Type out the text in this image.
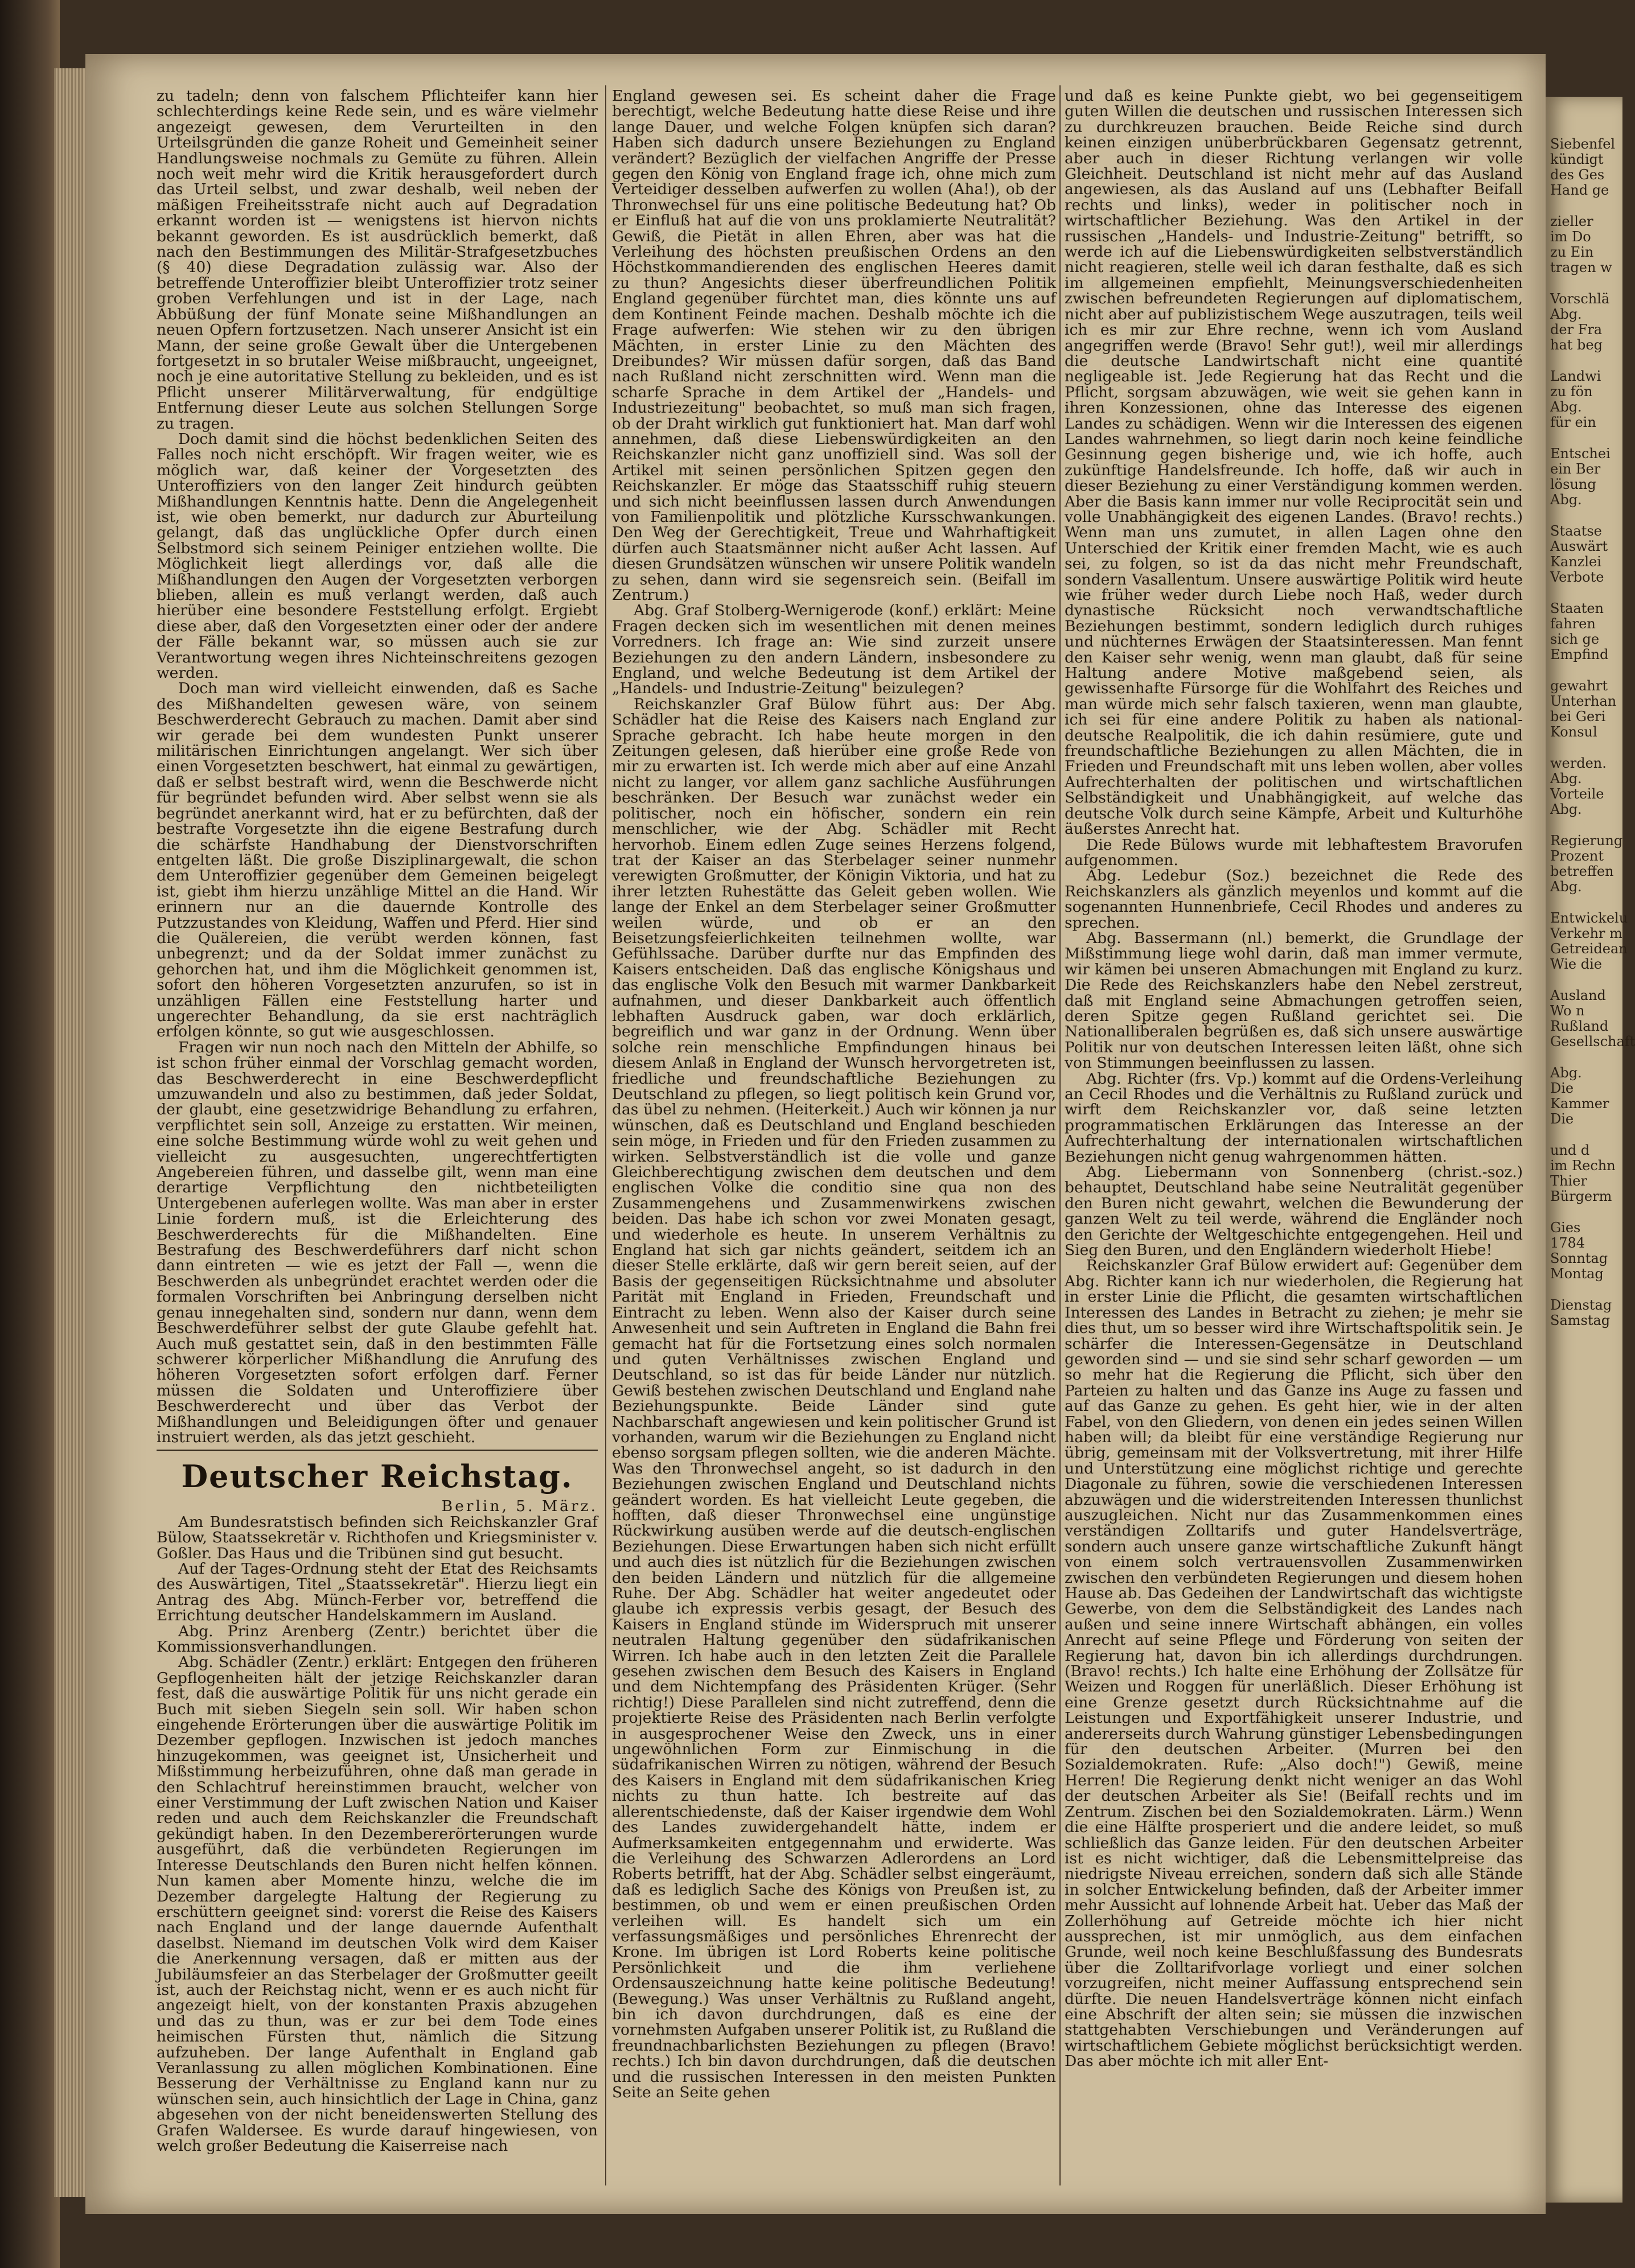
zu tadeln; denn von falschem Pflichteifer kann hier schlechterdings keine Rede sein, und es wäre vielmehr angezeigt gewesen, dem Verurteilten in den Urteilsgründen die ganze Roheit und Gemeinheit seiner Handlungsweise nochmals zu Gemüte zu führen. Allein noch weit mehr wird die Kritik herausgefordert durch das Urteil selbst, und zwar deshalb, weil neben der mäßigen Freiheitsstrafe nicht auch auf Degradation erkannt worden ist — wenigstens ist hiervon nichts bekannt geworden. Es ist ausdrücklich bemerkt, daß nach den Bestimmungen des Militär-Strafgesetzbuches (§ 40) diese Degradation zulässig war. Also der betreffende Unteroffizier bleibt Unteroffizier trotz seiner groben Verfehlungen und ist in der Lage, nach Abbüßung der fünf Monate seine Mißhandlungen an neuen Opfern fortzusetzen. Nach unserer Ansicht ist ein Mann, der seine große Gewalt über die Untergebenen fortgesetzt in so brutaler Weise mißbraucht, ungeeignet, noch je eine autoritative Stellung zu bekleiden, und es ist Pflicht unserer Militärverwaltung, für endgültige Entfernung dieser Leute aus solchen Stellungen Sorge zu tragen.

Doch damit sind die höchst bedenklichen Seiten des Falles noch nicht erschöpft. Wir fragen weiter, wie es möglich war, daß keiner der Vorgesetzten des Unteroffiziers von den langer Zeit hindurch geübten Mißhandlungen Kenntnis hatte. Denn die Angelegenheit ist, wie oben bemerkt, nur dadurch zur Aburteilung gelangt, daß das unglückliche Opfer durch einen Selbstmord sich seinem Peiniger entziehen wollte. Die Möglichkeit liegt allerdings vor, daß alle die Mißhandlungen den Augen der Vorgesetzten verborgen blieben, allein es muß verlangt werden, daß auch hierüber eine besondere Feststellung erfolgt. Ergiebt diese aber, daß den Vorgesetzten einer oder der andere der Fälle bekannt war, so müssen auch sie zur Verantwortung wegen ihres Nichteinschreitens gezogen werden.

Doch man wird vielleicht einwenden, daß es Sache des Mißhandelten gewesen wäre, von seinem Beschwerderecht Gebrauch zu machen. Damit aber sind wir gerade bei dem wundesten Punkt unserer militärischen Einrichtungen angelangt. Wer sich über einen Vorgesetzten beschwert, hat einmal zu gewärtigen, daß er selbst bestraft wird, wenn die Beschwerde nicht für begründet befunden wird. Aber selbst wenn sie als begründet anerkannt wird, hat er zu befürchten, daß der bestrafte Vorgesetzte ihn die eigene Bestrafung durch die schärfste Handhabung der Dienstvorschriften entgelten läßt. Die große Disziplinargewalt, die schon dem Unteroffizier gegenüber dem Gemeinen beigelegt ist, giebt ihm hierzu unzählige Mittel an die Hand. Wir erinnern nur an die dauernde Kontrolle des Putzzustandes von Kleidung, Waffen und Pferd. Hier sind die Quälereien, die verübt werden können, fast unbegrenzt; und da der Soldat immer zunächst zu gehorchen hat, und ihm die Möglichkeit genommen ist, sofort den höheren Vorgesetzten anzurufen, so ist in unzähligen Fällen eine Feststellung harter und ungerechter Behandlung, da sie erst nachträglich erfolgen könnte, so gut wie ausgeschlossen.

Fragen wir nun noch nach den Mitteln der Abhilfe, so ist schon früher einmal der Vorschlag gemacht worden, das Beschwerderecht in eine Beschwerdepflicht umzuwandeln und also zu bestimmen, daß jeder Soldat, der glaubt, eine gesetzwidrige Behandlung zu erfahren, verpflichtet sein soll, Anzeige zu erstatten. Wir meinen, eine solche Bestimmung würde wohl zu weit gehen und vielleicht zu ausgesuchten, ungerechtfertigten Angebereien führen, und dasselbe gilt, wenn man eine derartige Verpflichtung den nichtbeteiligten Untergebenen auferlegen wollte. Was man aber in erster Linie fordern muß, ist die Erleichterung des Beschwerderechts für die Mißhandelten. Eine Bestrafung des Beschwerdeführers darf nicht schon dann eintreten — wie es jetzt der Fall —, wenn die Beschwerden als unbegründet erachtet werden oder die formalen Vorschriften bei Anbringung derselben nicht genau innegehalten sind, sondern nur dann, wenn dem Beschwerdeführer selbst der gute Glaube gefehlt hat. Auch muß gestattet sein, daß in den bestimmten Fälle schwerer körperlicher Mißhandlung die Anrufung des höheren Vorgesetzten sofort erfolgen darf. Ferner müssen die Soldaten und Unteroffiziere über Beschwerderecht und über das Verbot der Mißhandlungen und Beleidigungen öfter und genauer instruiert werden, als das jetzt geschieht.

Deutscher Reichstag.

Berlin, 5. März.

Am Bundesratstisch befinden sich Reichskanzler Graf Bülow, Staatssekretär v. Richthofen und Kriegsminister v. Goßler. Das Haus und die Tribünen sind gut besucht.

Auf der Tages-Ordnung steht der Etat des Reichsamts des Auswärtigen, Titel „Staatssekretär". Hierzu liegt ein Antrag des Abg. Münch-Ferber vor, betreffend die Errichtung deutscher Handelskammern im Ausland.

Abg. Prinz Arenberg (Zentr.) berichtet über die Kommissionsverhandlungen.

Abg. Schädler (Zentr.) erklärt: Entgegen den früheren Gepflogenheiten hält der jetzige Reichskanzler daran fest, daß die auswärtige Politik für uns nicht gerade ein Buch mit sieben Siegeln sein soll. Wir haben schon eingehende Erörterungen über die auswärtige Politik im Dezember gepflogen. Inzwischen ist jedoch manches hinzugekommen, was geeignet ist, Unsicherheit und Mißstimmung herbeizuführen, ohne daß man gerade in den Schlachtruf hereinstimmen braucht, welcher von einer Verstimmung der Luft zwischen Nation und Kaiser reden und auch dem Reichskanzler die Freundschaft gekündigt haben. In den Dezembererörterungen wurde ausgeführt, daß die verbündeten Regierungen im Interesse Deutschlands den Buren nicht helfen können. Nun kamen aber Momente hinzu, welche die im Dezember dargelegte Haltung der Regierung zu erschüttern geeignet sind: vorerst die Reise des Kaisers nach England und der lange dauernde Aufenthalt daselbst. Niemand im deutschen Volk wird dem Kaiser die Anerkennung versagen, daß er mitten aus der Jubiläumsfeier an das Sterbelager der Großmutter geeilt ist, auch der Reichstag nicht, wenn er es auch nicht für angezeigt hielt, von der konstanten Praxis abzugehen und das zu thun, was er zur bei dem Tode eines heimischen Fürsten thut, nämlich die Sitzung aufzuheben. Der lange Aufenthalt in England gab Veranlassung zu allen möglichen Kombinationen. Eine Besserung der Verhältnisse zu England kann nur zu wünschen sein, auch hinsichtlich der Lage in China, ganz abgesehen von der nicht beneidenswerten Stellung des Grafen Waldersee. Es wurde darauf hingewiesen, von welch großer Bedeutung die Kaiserreise nach

England gewesen sei. Es scheint daher die Frage berechtigt, welche Bedeutung hatte diese Reise und ihre lange Dauer, und welche Folgen knüpfen sich daran? Haben sich dadurch unsere Beziehungen zu England verändert? Bezüglich der vielfachen Angriffe der Presse gegen den König von England frage ich, ohne mich zum Verteidiger desselben aufwerfen zu wollen (Aha!), ob der Thronwechsel für uns eine politische Bedeutung hat? Ob er Einfluß hat auf die von uns proklamierte Neutralität? Gewiß, die Pietät in allen Ehren, aber was hat die Verleihung des höchsten preußischen Ordens an den Höchstkommandierenden des englischen Heeres damit zu thun? Angesichts dieser überfreundlichen Politik England gegenüber fürchtet man, dies könnte uns auf dem Kontinent Feinde machen. Deshalb möchte ich die Frage aufwerfen: Wie stehen wir zu den übrigen Mächten, in erster Linie zu den Mächten des Dreibundes? Wir müssen dafür sorgen, daß das Band nach Rußland nicht zerschnitten wird. Wenn man die scharfe Sprache in dem Artikel der „Handels- und Industriezeitung" beobachtet, so muß man sich fragen, ob der Draht wirklich gut funktioniert hat. Man darf wohl annehmen, daß diese Liebenswürdigkeiten an den Reichskanzler nicht ganz unoffiziell sind. Was soll der Artikel mit seinen persönlichen Spitzen gegen den Reichskanzler. Er möge das Staatsschiff ruhig steuern und sich nicht beeinflussen lassen durch Anwendungen von Familienpolitik und plötzliche Kursschwankungen. Den Weg der Gerechtigkeit, Treue und Wahrhaftigkeit dürfen auch Staatsmänner nicht außer Acht lassen. Auf diesen Grundsätzen wünschen wir unsere Politik wandeln zu sehen, dann wird sie segensreich sein. (Beifall im Zentrum.)

Abg. Graf Stolberg-Wernigerode (konf.) erklärt: Meine Fragen decken sich im wesentlichen mit denen meines Vorredners. Ich frage an: Wie sind zurzeit unsere Beziehungen zu den andern Ländern, insbesondere zu England, und welche Bedeutung ist dem Artikel der „Handels- und Industrie-Zeitung" beizulegen?

Reichskanzler Graf Bülow führt aus: Der Abg. Schädler hat die Reise des Kaisers nach England zur Sprache gebracht. Ich habe heute morgen in den Zeitungen gelesen, daß hierüber eine große Rede von mir zu erwarten ist. Ich werde mich aber auf eine Anzahl nicht zu langer, vor allem ganz sachliche Ausführungen beschränken. Der Besuch war zunächst weder ein politischer, noch ein höfischer, sondern ein rein menschlicher, wie der Abg. Schädler mit Recht hervorhob. Einem edlen Zuge seines Herzens folgend, trat der Kaiser an das Sterbelager seiner nunmehr verewigten Großmutter, der Königin Viktoria, und hat zu ihrer letzten Ruhestätte das Geleit geben wollen. Wie lange der Enkel an dem Sterbelager seiner Großmutter weilen würde, und ob er an den Beisetzungsfeierlichkeiten teilnehmen wollte, war Gefühlssache. Darüber durfte nur das Empfinden des Kaisers entscheiden. Daß das englische Königshaus und das englische Volk den Besuch mit warmer Dankbarkeit aufnahmen, und dieser Dankbarkeit auch öffentlich lebhaften Ausdruck gaben, war doch erklärlich, begreiflich und war ganz in der Ordnung. Wenn über solche rein menschliche Empfindungen hinaus bei diesem Anlaß in England der Wunsch hervorgetreten ist, friedliche und freundschaftliche Beziehungen zu Deutschland zu pflegen, so liegt politisch kein Grund vor, das übel zu nehmen. (Heiterkeit.) Auch wir können ja nur wünschen, daß es Deutschland und England beschieden sein möge, in Frieden und für den Frieden zusammen zu wirken. Selbstverständlich ist die volle und ganze Gleichberechtigung zwischen dem deutschen und dem englischen Volke die conditio sine qua non des Zusammengehens und Zusammenwirkens zwischen beiden. Das habe ich schon vor zwei Monaten gesagt, und wiederhole es heute. In unserem Verhältnis zu England hat sich gar nichts geändert, seitdem ich an dieser Stelle erklärte, daß wir gern bereit seien, auf der Basis der gegenseitigen Rücksichtnahme und absoluter Parität mit England in Frieden, Freundschaft und Eintracht zu leben. Wenn also der Kaiser durch seine Anwesenheit und sein Auftreten in England die Bahn frei gemacht hat für die Fortsetzung eines solch normalen und guten Verhältnisses zwischen England und Deutschland, so ist das für beide Länder nur nützlich. Gewiß bestehen zwischen Deutschland und England nahe Beziehungspunkte. Beide Länder sind gute Nachbarschaft angewiesen und kein politischer Grund ist vorhanden, warum wir die Beziehungen zu England nicht ebenso sorgsam pflegen sollten, wie die anderen Mächte. Was den Thronwechsel angeht, so ist dadurch in den Beziehungen zwischen England und Deutschland nichts geändert worden. Es hat vielleicht Leute gegeben, die hofften, daß dieser Thronwechsel eine ungünstige Rückwirkung ausüben werde auf die deutsch-englischen Beziehungen. Diese Erwartungen haben sich nicht erfüllt und auch dies ist nützlich für die Beziehungen zwischen den beiden Ländern und nützlich für die allgemeine Ruhe. Der Abg. Schädler hat weiter angedeutet oder glaube ich expressis verbis gesagt, der Besuch des Kaisers in England stünde im Widerspruch mit unserer neutralen Haltung gegenüber den südafrikanischen Wirren. Ich habe auch in den letzten Zeit die Parallele gesehen zwischen dem Besuch des Kaisers in England und dem Nichtempfang des Präsidenten Krüger. (Sehr richtig!) Diese Parallelen sind nicht zutreffend, denn die projektierte Reise des Präsidenten nach Berlin verfolgte in ausgesprochener Weise den Zweck, uns in einer ungewöhnlichen Form zur Einmischung in die südafrikanischen Wirren zu nötigen, während der Besuch des Kaisers in England mit dem südafrikanischen Krieg nichts zu thun hatte. Ich bestreite auf das allerentschiedenste, daß der Kaiser irgendwie dem Wohl des Landes zuwidergehandelt hätte, indem er Aufmerksamkeiten entgegennahm und erwiderte. Was die Verleihung des Schwarzen Adlerordens an Lord Roberts betrifft, hat der Abg. Schädler selbst eingeräumt, daß es lediglich Sache des Königs von Preußen ist, zu bestimmen, ob und wem er einen preußischen Orden verleihen will. Es handelt sich um ein verfassungsmäßiges und persönliches Ehrenrecht der Krone. Im übrigen ist Lord Roberts keine politische Persönlichkeit und die ihm verliehene Ordensauszeichnung hatte keine politische Bedeutung! (Bewegung.) Was unser Verhältnis zu Rußland angeht, bin ich davon durchdrungen, daß es eine der vornehmsten Aufgaben unserer Politik ist, zu Rußland die freundnachbarlichsten Beziehungen zu pflegen (Bravo! rechts.) Ich bin davon durchdrungen, daß die deutschen und die russischen Interessen in den meisten Punkten Seite an Seite gehen

und daß es keine Punkte giebt, wo bei gegenseitigem guten Willen die deutschen und russischen Interessen sich zu durchkreuzen brauchen. Beide Reiche sind durch keinen einzigen unüberbrückbaren Gegensatz getrennt, aber auch in dieser Richtung verlangen wir volle Gleichheit. Deutschland ist nicht mehr auf das Ausland angewiesen, als das Ausland auf uns (Lebhafter Beifall rechts und links), weder in politischer noch in wirtschaftlicher Beziehung. Was den Artikel in der russischen „Handels- und Industrie-Zeitung" betrifft, so werde ich auf die Liebenswürdigkeiten selbstverständlich nicht reagieren, stelle weil ich daran festhalte, daß es sich im allgemeinen empfiehlt, Meinungsverschiedenheiten zwischen befreundeten Regierungen auf diplomatischem, nicht aber auf publizistischem Wege auszutragen, teils weil ich es mir zur Ehre rechne, wenn ich vom Ausland angegriffen werde (Bravo! Sehr gut!), weil mir allerdings die deutsche Landwirtschaft nicht eine quantité negligeable ist. Jede Regierung hat das Recht und die Pflicht, sorgsam abzuwägen, wie weit sie gehen kann in ihren Konzessionen, ohne das Interesse des eigenen Landes zu schädigen. Wenn wir die Interessen des eigenen Landes wahrnehmen, so liegt darin noch keine feindliche Gesinnung gegen bisherige und, wie ich hoffe, auch zukünftige Handelsfreunde. Ich hoffe, daß wir auch in dieser Beziehung zu einer Verständigung kommen werden. Aber die Basis kann immer nur volle Reciprocität sein und volle Unabhängigkeit des eigenen Landes. (Bravo! rechts.) Wenn man uns zumutet, in allen Lagen ohne den Unterschied der Kritik einer fremden Macht, wie es auch sei, zu folgen, so ist da das nicht mehr Freundschaft, sondern Vasallentum. Unsere auswärtige Politik wird heute wie früher weder durch Liebe noch Haß, weder durch dynastische Rücksicht noch verwandtschaftliche Beziehungen bestimmt, sondern lediglich durch ruhiges und nüchternes Erwägen der Staatsinteressen. Man fennt den Kaiser sehr wenig, wenn man glaubt, daß für seine Haltung andere Motive maßgebend seien, als gewissenhafte Fürsorge für die Wohlfahrt des Reiches und man würde mich sehr falsch taxieren, wenn man glaubte, ich sei für eine andere Politik zu haben als national-deutsche Realpolitik, die ich dahin resümiere, gute und freundschaftliche Beziehungen zu allen Mächten, die in Frieden und Freundschaft mit uns leben wollen, aber volles Aufrechterhalten der politischen und wirtschaftlichen Selbständigkeit und Unabhängigkeit, auf welche das deutsche Volk durch seine Kämpfe, Arbeit und Kulturhöhe äußerstes Anrecht hat.

Die Rede Bülows wurde mit lebhaftestem Bravorufen aufgenommen.

Abg. Ledebur (Soz.) bezeichnet die Rede des Reichskanzlers als gänzlich meyenlos und kommt auf die sogenannten Hunnenbriefe, Cecil Rhodes und anderes zu sprechen.

Abg. Bassermann (nl.) bemerkt, die Grundlage der Mißstimmung liege wohl darin, daß man immer vermute, wir kämen bei unseren Abmachungen mit England zu kurz. Die Rede des Reichskanzlers habe den Nebel zerstreut, daß mit England seine Abmachungen getroffen seien, deren Spitze gegen Rußland gerichtet sei. Die Nationalliberalen begrüßen es, daß sich unsere auswärtige Politik nur von deutschen Interessen leiten läßt, ohne sich von Stimmungen beeinflussen zu lassen.

Abg. Richter (frs. Vp.) kommt auf die Ordens-Verleihung an Cecil Rhodes und die Verhältnis zu Rußland zurück und wirft dem Reichskanzler vor, daß seine letzten programmatischen Erklärungen das Interesse an der Aufrechterhaltung der internationalen wirtschaftlichen Beziehungen nicht genug wahrgenommen hätten.

Abg. Liebermann von Sonnenberg (christ.-soz.) behauptet, Deutschland habe seine Neutralität gegenüber den Buren nicht gewahrt, welchen die Bewunderung der ganzen Welt zu teil werde, während die Engländer noch den Gerichte der Weltgeschichte entgegengehen. Heil und Sieg den Buren, und den Engländern wiederholt Hiebe!

Reichskanzler Graf Bülow erwidert auf: Gegenüber dem Abg. Richter kann ich nur wiederholen, die Regierung hat in erster Linie die Pflicht, die gesamten wirtschaftlichen Interessen des Landes in Betracht zu ziehen; je mehr sie dies thut, um so besser wird ihre Wirtschaftspolitik sein. Je schärfer die Interessen-Gegensätze in Deutschland geworden sind — und sie sind sehr scharf geworden — um so mehr hat die Regierung die Pflicht, sich über den Parteien zu halten und das Ganze ins Auge zu fassen und auf das Ganze zu gehen. Es geht hier, wie in der alten Fabel, von den Gliedern, von denen ein jedes seinen Willen haben will; da bleibt für eine verständige Regierung nur übrig, gemeinsam mit der Volksvertretung, mit ihrer Hilfe und Unterstützung eine möglichst richtige und gerechte Diagonale zu führen, sowie die verschiedenen Interessen abzuwägen und die widerstreitenden Interessen thunlichst auszugleichen. Nicht nur das Zusammenkommen eines verständigen Zolltarifs und guter Handelsverträge, sondern auch unsere ganze wirtschaftliche Zukunft hängt von einem solch vertrauensvollen Zusammenwirken zwischen den verbündeten Regierungen und diesem hohen Hause ab. Das Gedeihen der Landwirtschaft das wichtigste Gewerbe, von dem die Selbständigkeit des Landes nach außen und seine innere Wirtschaft abhängen, ein volles Anrecht auf seine Pflege und Förderung von seiten der Regierung hat, davon bin ich allerdings durchdrungen. (Bravo! rechts.) Ich halte eine Erhöhung der Zollsätze für Weizen und Roggen für unerläßlich. Dieser Erhöhung ist eine Grenze gesetzt durch Rücksichtnahme auf die Leistungen und Exportfähigkeit unserer Industrie, und andererseits durch Wahrung günstiger Lebensbedingungen für den deutschen Arbeiter. (Murren bei den Sozialdemokraten. Rufe: „Also doch!") Gewiß, meine Herren! Die Regierung denkt nicht weniger an das Wohl der deutschen Arbeiter als Sie! (Beifall rechts und im Zentrum. Zischen bei den Sozialdemokraten. Lärm.) Wenn die eine Hälfte prosperiert und die andere leidet, so muß schließlich das Ganze leiden. Für den deutschen Arbeiter ist es nicht wichtiger, daß die Lebensmittelpreise das niedrigste Niveau erreichen, sondern daß sich alle Stände in solcher Entwickelung befinden, daß der Arbeiter immer mehr Aussicht auf lohnende Arbeit hat. Ueber das Maß der Zollerhöhung auf Getreide möchte ich hier nicht aussprechen, ist mir unmöglich, aus dem einfachen Grunde, weil noch keine Beschlußfassung des Bundesrats über die Zolltarifvorlage vorliegt und einer solchen vorzugreifen, nicht meiner Auffassung entsprechend sein dürfte. Die neuen Handelsverträge können nicht einfach eine Abschrift der alten sein; sie müssen die inzwischen stattgehabten Verschiebungen und Veränderungen auf wirtschaftlichem Gebiete möglichst berücksichtigt werden. Das aber möchte ich mit aller Ent-

Siebenfel
kündigt
des Ges
Hand ge
zieller
im Do
zu Ein
tragen w
Vorschlä
Abg.
der Fra
hat beg
Landwi
zu fön
Abg.
für ein
Entschei
ein Ber
lösung
Abg.
Staatse
Auswärt
Kanzlei
Verbote
Staaten
fahren
sich ge
Empfind
gewahrt
Unterhan
bei Geri
Konsul
werden.
Abg.
Vorteile
Abg.
Regierung
Prozent
betreffen
Abg.
Entwickelu
Verkehr m
Getreidean
Wie die
Ausland
Wo n
Rußland
Gesellschaft
Abg.
Die
Kammer
Die
und d
im Rechn
Thier
Bürgerm
Gies
1784
Sonntag
Montag
Dienstag
Samstag
